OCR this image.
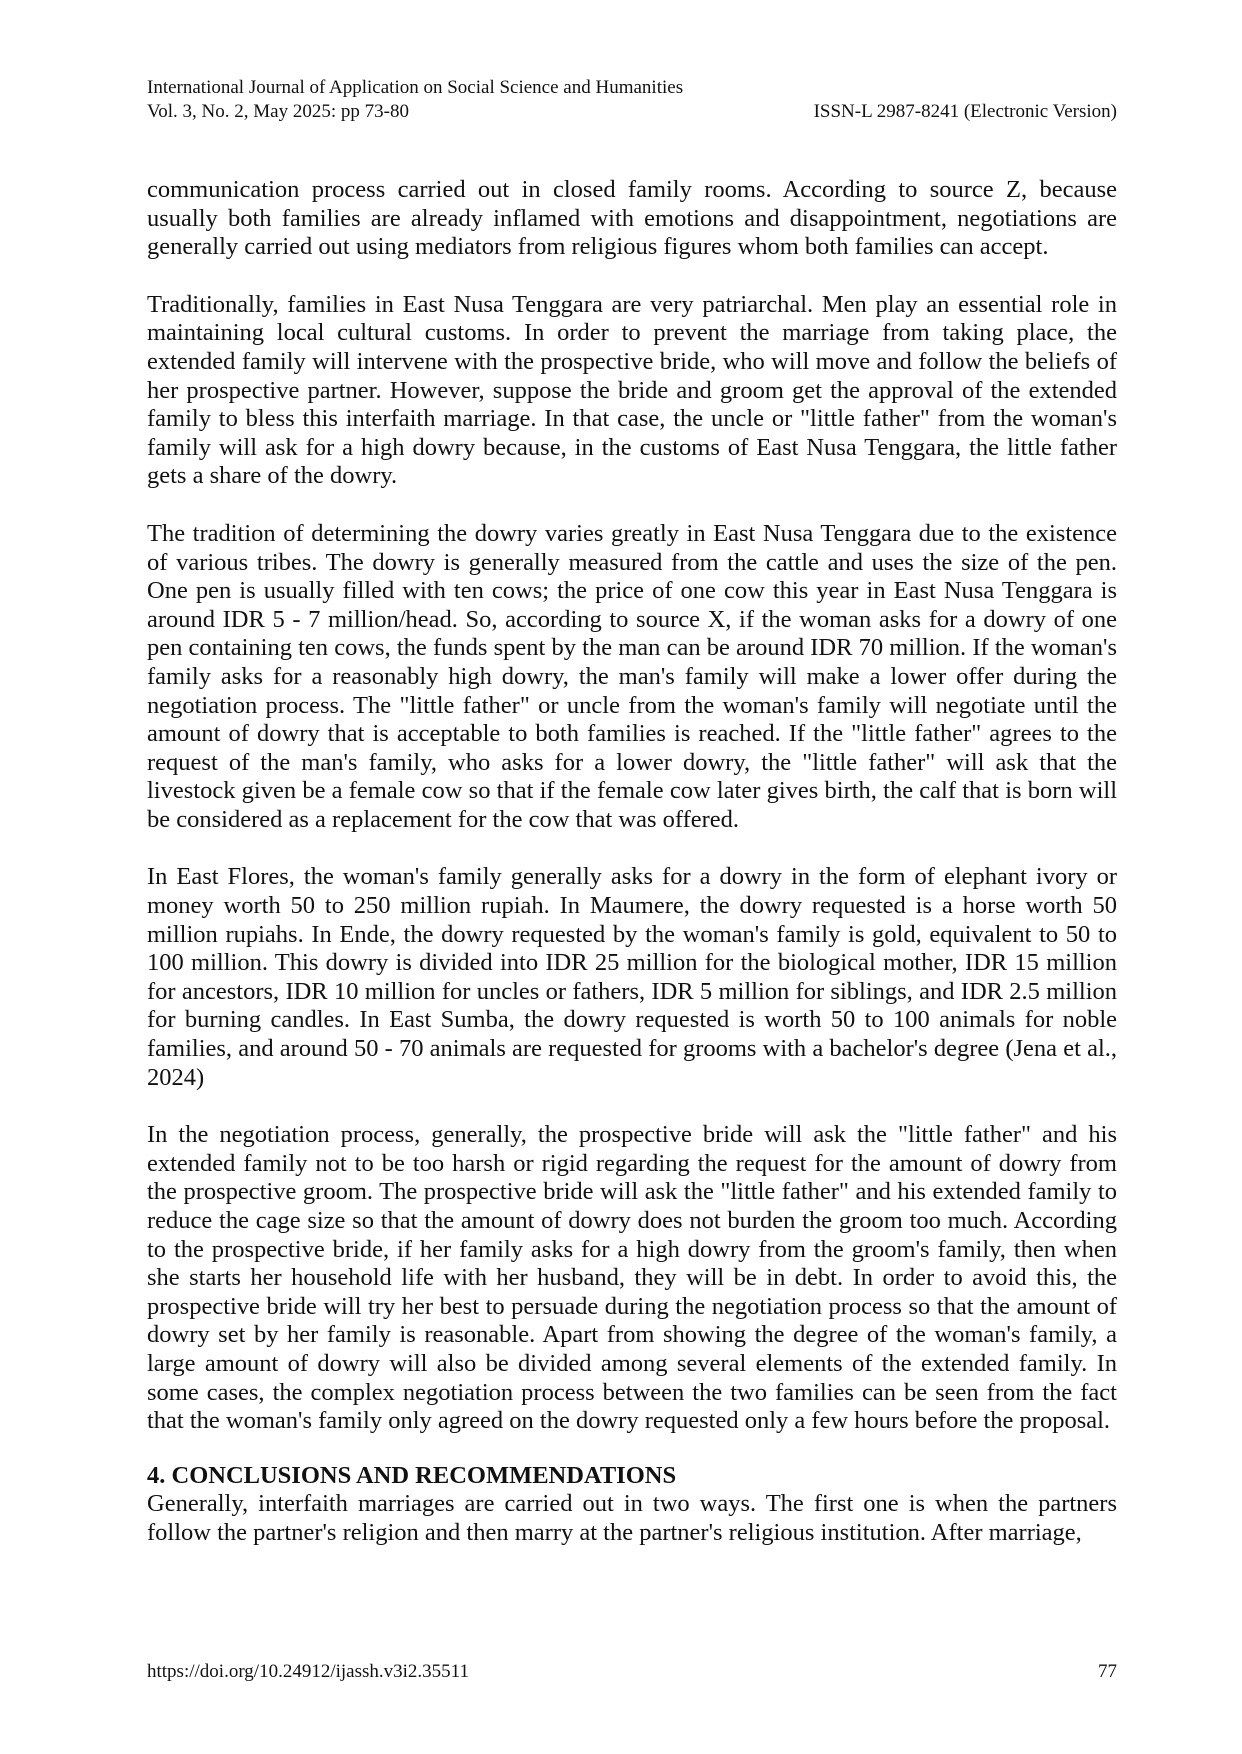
International Journal of Application on Social Science and Humanities
Vol. 3, No. 2, May 2025: pp 73-80	ISSN-L 2987-8241 (Electronic Version)

communication process carried out in closed family rooms. According to source Z, because usually both families are already inflamed with emotions and disappointment, negotiations are generally carried out using mediators from religious figures whom both families can accept.

Traditionally, families in East Nusa Tenggara are very patriarchal. Men play an essential role in maintaining local cultural customs. In order to prevent the marriage from taking place, the extended family will intervene with the prospective bride, who will move and follow the beliefs of her prospective partner. However, suppose the bride and groom get the approval of the extended family to bless this interfaith marriage. In that case, the uncle or "little father" from the woman's family will ask for a high dowry because, in the customs of East Nusa Tenggara, the little father gets a share of the dowry.

The tradition of determining the dowry varies greatly in East Nusa Tenggara due to the existence of various tribes. The dowry is generally measured from the cattle and uses the size of the pen. One pen is usually filled with ten cows; the price of one cow this year in East Nusa Tenggara is around IDR 5 - 7 million/head. So, according to source X, if the woman asks for a dowry of one pen containing ten cows, the funds spent by the man can be around IDR 70 million. If the woman's family asks for a reasonably high dowry, the man's family will make a lower offer during the negotiation process. The "little father" or uncle from the woman's family will negotiate until the amount of dowry that is acceptable to both families is reached. If the "little father" agrees to the request of the man's family, who asks for a lower dowry, the "little father" will ask that the livestock given be a female cow so that if the female cow later gives birth, the calf that is born will be considered as a replacement for the cow that was offered.

In East Flores, the woman's family generally asks for a dowry in the form of elephant ivory or money worth 50 to 250 million rupiah. In Maumere, the dowry requested is a horse worth 50 million rupiahs. In Ende, the dowry requested by the woman's family is gold, equivalent to 50 to 100 million. This dowry is divided into IDR 25 million for the biological mother, IDR 15 million for ancestors, IDR 10 million for uncles or fathers, IDR 5 million for siblings, and IDR 2.5 million for burning candles. In East Sumba, the dowry requested is worth 50 to 100 animals for noble families, and around 50 - 70 animals are requested for grooms with a bachelor's degree (Jena et al., 2024)

In the negotiation process, generally, the prospective bride will ask the "little father" and his extended family not to be too harsh or rigid regarding the request for the amount of dowry from the prospective groom. The prospective bride will ask the "little father" and his extended family to reduce the cage size so that the amount of dowry does not burden the groom too much. According to the prospective bride, if her family asks for a high dowry from the groom's family, then when she starts her household life with her husband, they will be in debt. In order to avoid this, the prospective bride will try her best to persuade during the negotiation process so that the amount of dowry set by her family is reasonable. Apart from showing the degree of the woman's family, a large amount of dowry will also be divided among several elements of the extended family. In some cases, the complex negotiation process between the two families can be seen from the fact that the woman's family only agreed on the dowry requested only a few hours before the proposal.

4. CONCLUSIONS AND RECOMMENDATIONS

Generally, interfaith marriages are carried out in two ways. The first one is when the partners follow the partner's religion and then marry at the partner's religious institution. After marriage,

https://doi.org/10.24912/ijassh.v3i2.35511	77
